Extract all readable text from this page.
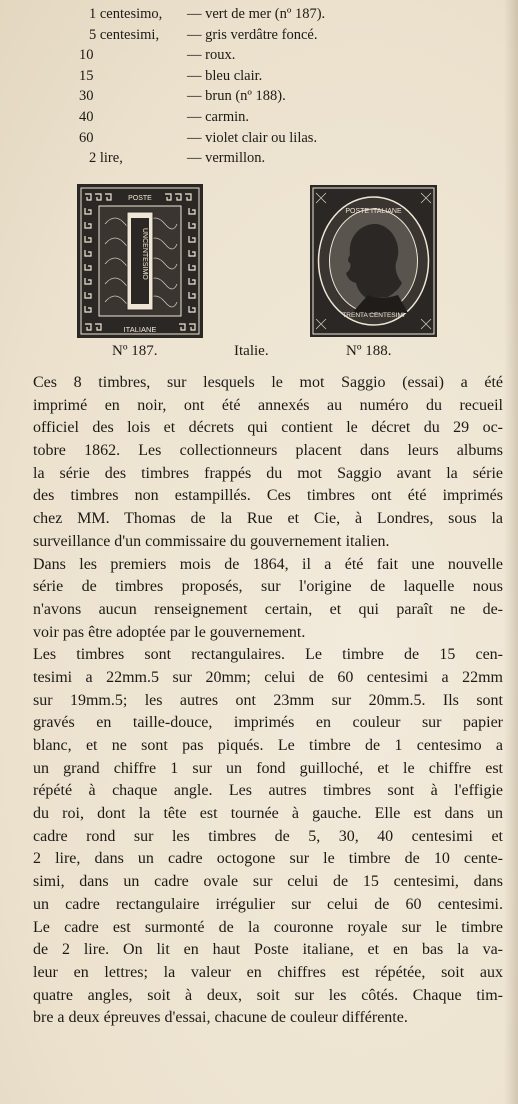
1 centesimo, — vert de mer (nº 187).
5 centesimi, — gris verdâtre foncé.
10	— roux.
15	— bleu clair.
30	— brun (nº 188).
40	— carmin.
60	— violet clair ou lilas.
2 lire,	— vermillon.
POSTE
ITALIANE
UNCENTESIMO
POSTE ITALIANE
TRENTA CENTESIMI
Nº 187.	Italie.	Nº 188.
Ces 8 timbres, sur lesquels le mot Saggio (essai) a été
imprimé en noir, ont été annexés au numéro du recueil
officiel des lois et décrets qui contient le décret du 29 oc-
tobre 1862. Les collectionneurs placent dans leurs albums
la série des timbres frappés du mot Saggio avant la série
des timbres non estampillés. Ces timbres ont été imprimés
chez MM. Thomas de la Rue et Cie, à Londres, sous la
surveillance d'un commissaire du gouvernement italien.
Dans les premiers mois de 1864, il a été fait une nouvelle
série de timbres proposés, sur l'origine de laquelle nous
n'avons aucun renseignement certain, et qui paraît ne de-
voir pas être adoptée par le gouvernement.
Les timbres sont rectangulaires. Le timbre de 15 cen-
tesimi a 22mm.5 sur 20mm; celui de 60 centesimi a 22mm
sur 19mm.5; les autres ont 23mm sur 20mm.5. Ils sont
gravés en taille-douce, imprimés en couleur sur papier
blanc, et ne sont pas piqués. Le timbre de 1 centesimo a
un grand chiffre 1 sur un fond guilloché, et le chiffre est
répété à chaque angle. Les autres timbres sont à l'effigie
du roi, dont la tête est tournée à gauche. Elle est dans un
cadre rond sur les timbres de 5, 30, 40 centesimi et
2 lire, dans un cadre octogone sur le timbre de 10 cente-
simi, dans un cadre ovale sur celui de 15 centesimi, dans
un cadre rectangulaire irrégulier sur celui de 60 centesimi.
Le cadre est surmonté de la couronne royale sur le timbre
de 2 lire. On lit en haut Poste italiane, et en bas la va-
leur en lettres; la valeur en chiffres est répétée, soit aux
quatre angles, soit à deux, soit sur les côtés. Chaque tim-
bre a deux épreuves d'essai, chacune de couleur différente.
